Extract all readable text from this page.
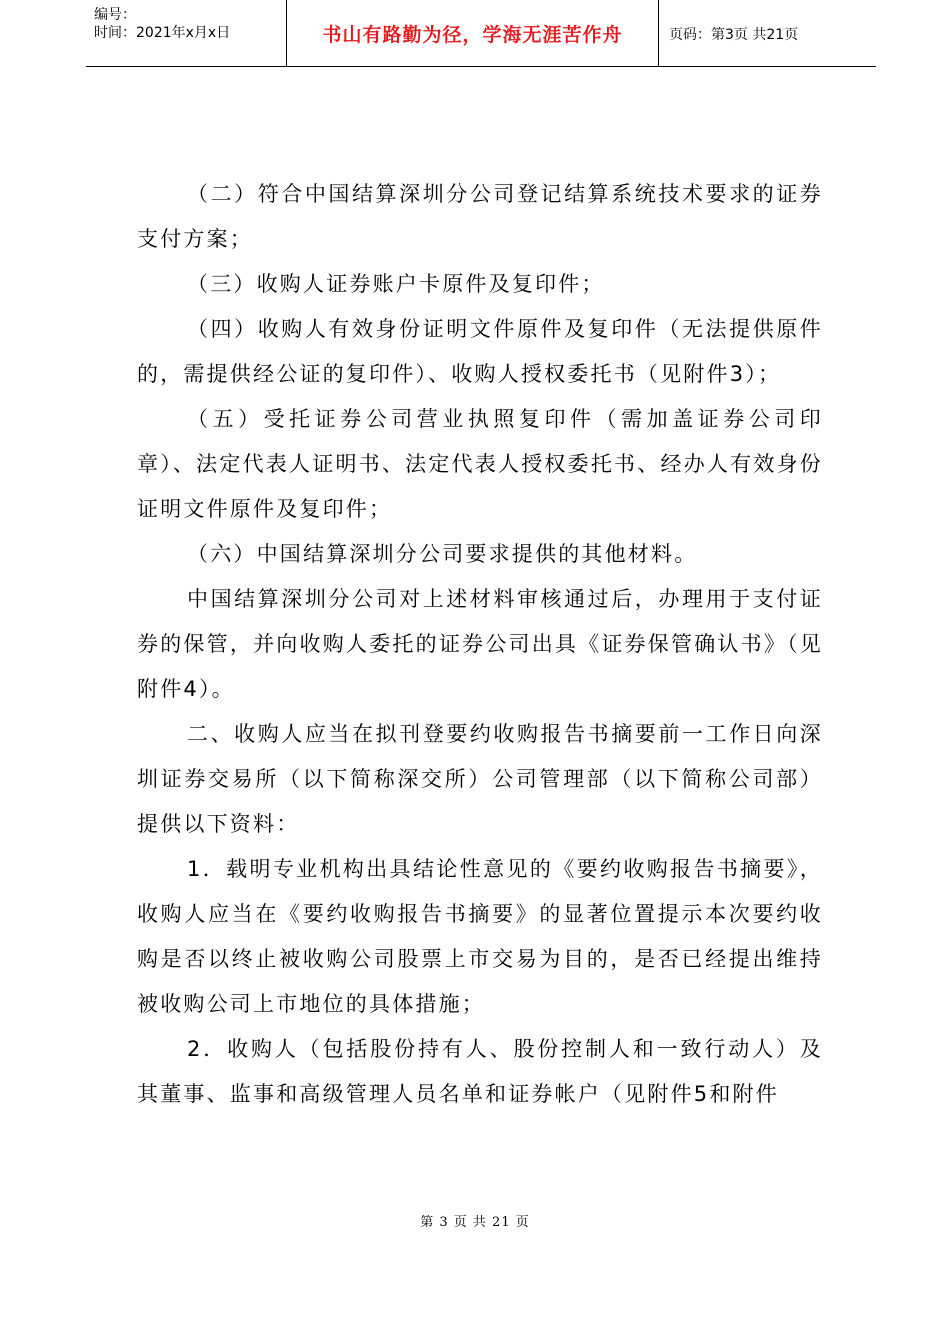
编号：
时间：2021年x月x日	书山有路勤为径，学海无涯苦作舟	页码：第3页 共21页

（二）符合中国结算深圳分公司登记结算系统技术要求的证券支付方案；

（三）收购人证券账户卡原件及复印件；

（四）收购人有效身份证明文件原件及复印件（无法提供原件的，需提供经公证的复印件）、收购人授权委托书（见附件3）；

（五）受托证券公司营业执照复印件（需加盖证券公司印章）、法定代表人证明书、法定代表人授权委托书、经办人有效身份证明文件原件及复印件；

（六）中国结算深圳分公司要求提供的其他材料。

中国结算深圳分公司对上述材料审核通过后，办理用于支付证券的保管，并向收购人委托的证券公司出具《证券保管确认书》（见附件4）。

二、收购人应当在拟刊登要约收购报告书摘要前一工作日向深圳证券交易所（以下简称深交所）公司管理部（以下简称公司部）提供以下资料：

1．载明专业机构出具结论性意见的《要约收购报告书摘要》，收购人应当在《要约收购报告书摘要》的显著位置提示本次要约收购是否以终止被收购公司股票上市交易为目的，是否已经提出维持被收购公司上市地位的具体措施；

2．收购人（包括股份持有人、股份控制人和一致行动人）及其董事、监事和高级管理人员名单和证券帐户（见附件5和附件

第 3 页 共 21 页
